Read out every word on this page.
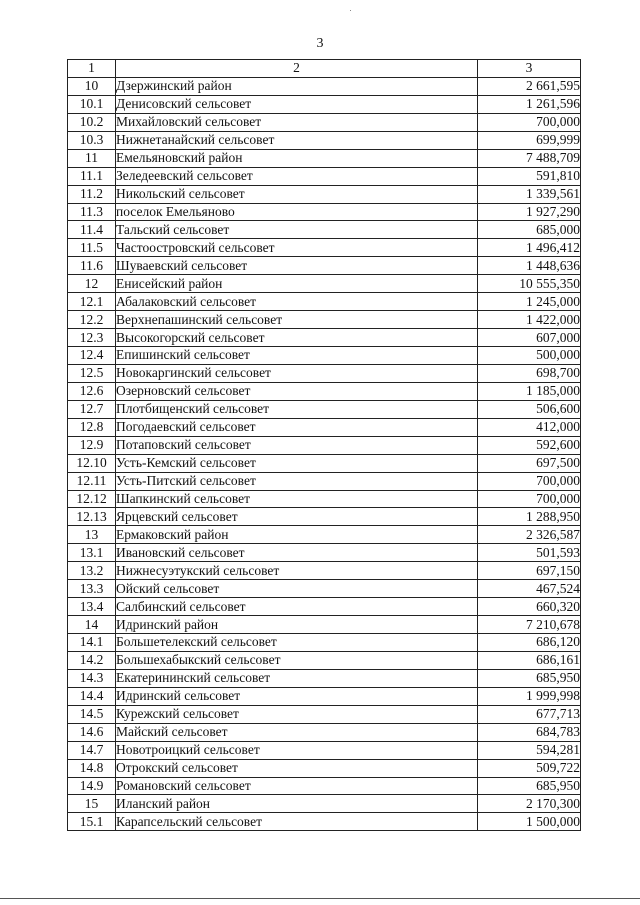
3
1	2	3
10	Дзержинский район	2 661,595
10.1	Денисовский сельсовет	1 261,596
10.2	Михайловский сельсовет	700,000
10.3	Нижнетанайский сельсовет	699,999
11	Емельяновский район	7 488,709
11.1	Зеледеевский сельсовет	591,810
11.2	Никольский сельсовет	1 339,561
11.3	поселок Емельяново	1 927,290
11.4	Тальский сельсовет	685,000
11.5	Частоостровский сельсовет	1 496,412
11.6	Шуваевский сельсовет	1 448,636
12	Енисейский район	10 555,350
12.1	Абалаковский сельсовет	1 245,000
12.2	Верхнепашинский сельсовет	1 422,000
12.3	Высокогорский сельсовет	607,000
12.4	Епишинский сельсовет	500,000
12.5	Новокаргинский сельсовет	698,700
12.6	Озерновский сельсовет	1 185,000
12.7	Плотбищенский сельсовет	506,600
12.8	Погодаевский сельсовет	412,000
12.9	Потаповский сельсовет	592,600
12.10	Усть-Кемский сельсовет	697,500
12.11	Усть-Питский сельсовет	700,000
12.12	Шапкинский сельсовет	700,000
12.13	Ярцевский сельсовет	1 288,950
13	Ермаковский район	2 326,587
13.1	Ивановский сельсовет	501,593
13.2	Нижнесуэтукский сельсовет	697,150
13.3	Ойский сельсовет	467,524
13.4	Салбинский сельсовет	660,320
14	Идринский район	7 210,678
14.1	Большетелекский сельсовет	686,120
14.2	Большехабыкский сельсовет	686,161
14.3	Екатерининский сельсовет	685,950
14.4	Идринский сельсовет	1 999,998
14.5	Курежский сельсовет	677,713
14.6	Майский сельсовет	684,783
14.7	Новотроицкий сельсовет	594,281
14.8	Отрокский сельсовет	509,722
14.9	Романовский сельсовет	685,950
15	Иланский район	2 170,300
15.1	Карапсельский сельсовет	1 500,000
